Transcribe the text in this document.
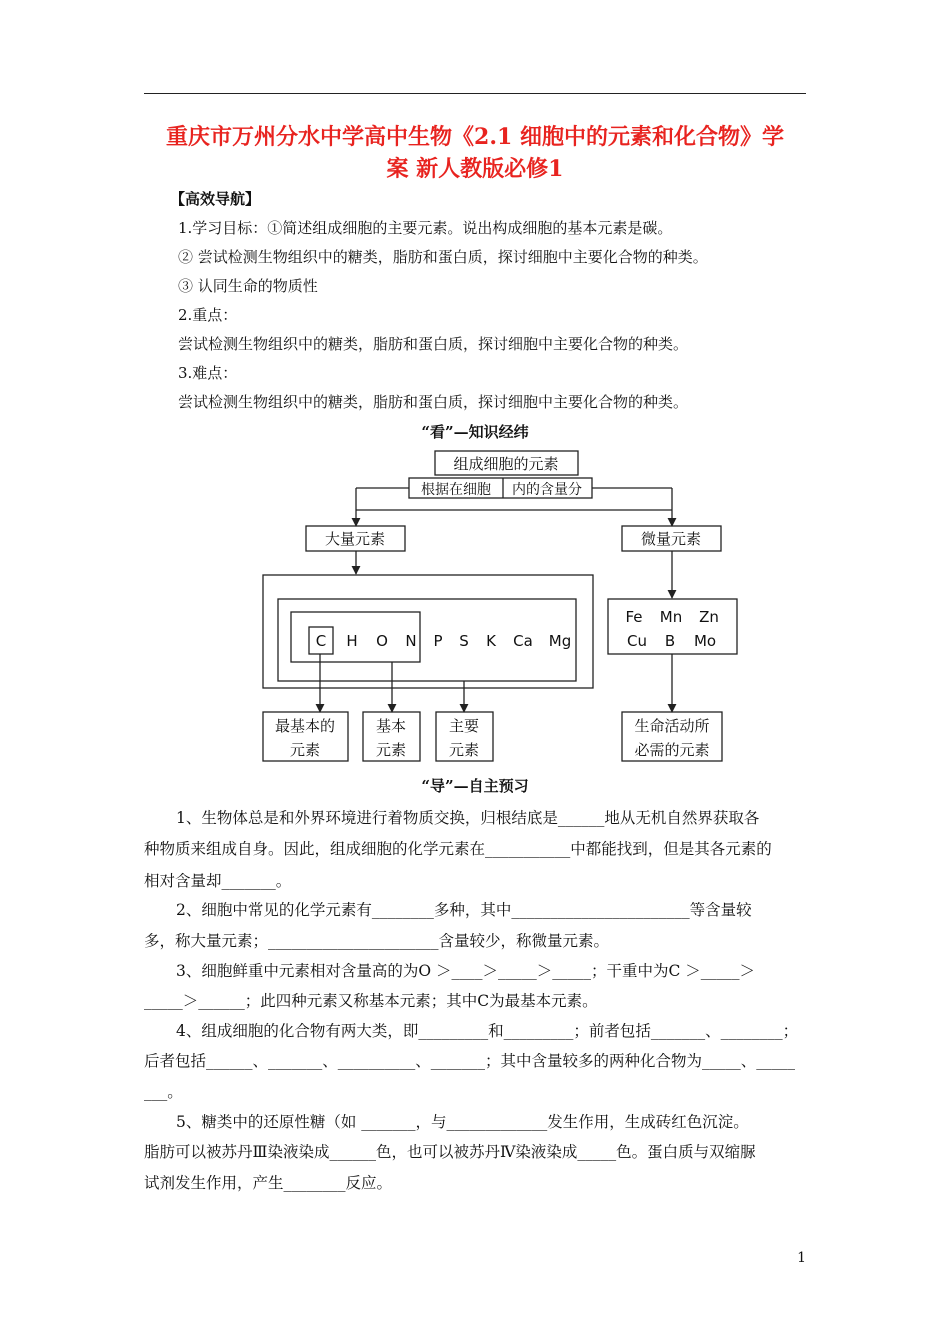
重庆市万州分水中学高中生物《2.1 细胞中的元素和化合物》学
案 新人教版必修1
【高效导航】
1.学习目标：①简述组成细胞的主要元素。说出构成细胞的基本元素是碳。
② 尝试检测生物组织中的糖类，脂肪和蛋白质，探讨细胞中主要化合物的种类。
③ 认同生命的物质性
2.重点：
尝试检测生物组织中的糖类，脂肪和蛋白质，探讨细胞中主要化合物的种类。
3.难点：
尝试检测生物组织中的糖类，脂肪和蛋白质，探讨细胞中主要化合物的种类。
“看”—知识经纬
组成细胞的元素
根据在细胞 内的含量分
大量元素	微量元素
C H O N P S K Ca Mg
Fe Mn Zn
Cu B Mo
最基本的
元素
基本
元素
主要
元素
生命活动所
必需的元素
“导”—自主预习
1、生物体总是和外界环境进行着物质交换，归根结底是______地从无机自然界获取各
种物质来组成自身。因此，组成细胞的化学元素在___________中都能找到，但是其各元素的
相对含量却_______。
2、细胞中常见的化学元素有________多种，其中_______________________等含量较
多，称大量元素；______________________含量较少，称微量元素。
3、细胞鲜重中元素相对含量高的为O ＞____＞_____＞_____；干重中为C ＞_____＞
_____＞______；此四种元素又称基本元素；其中C为最基本元素。
4、组成细胞的化合物有两大类，即_________和_________；前者包括_______、________；
后者包括______、_______、__________、_______；其中含量较多的两种化合物为_____、_____
___。
5、糖类中的还原性糖（如 _______，与_____________发生作用，生成砖红色沉淀。
脂肪可以被苏丹Ⅲ染液染成______色，也可以被苏丹Ⅳ染液染成_____色。蛋白质与双缩脲
试剂发生作用，产生________反应。
1
